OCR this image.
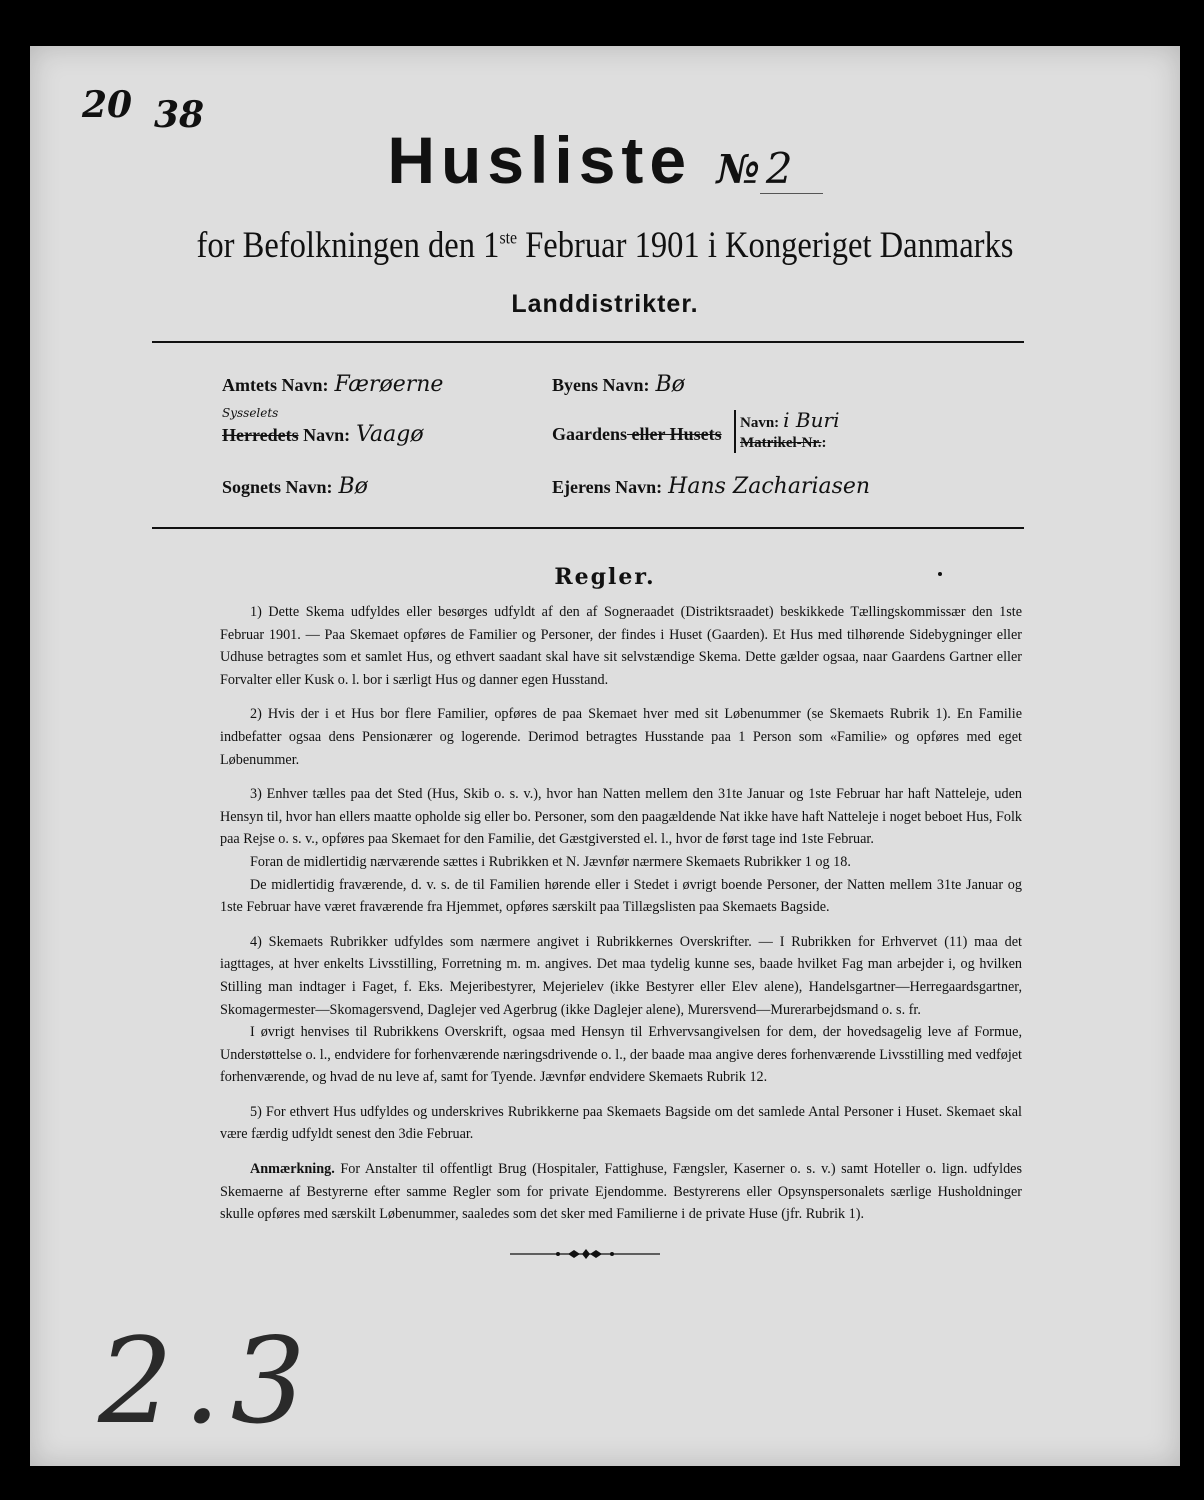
20 38
Husliste № 2
for Befolkningen den 1ste Februar 1901 i Kongeriget Danmarks
Landdistrikter.
Amtets Navn: Færøerne
Sysselets
Herredets Navn: Vaagø
Sognets Navn: Bø
Byens Navn: Bø
Gaardens eller Husets
Navn: i Buri
Matrikel-Nr.:
Ejerens Navn: Hans Zachariasen
Regler.

1) Dette Skema udfyldes eller besørges udfyldt af den af Sogneraadet (Distriktsraadet) beskikkede Tællingskommissær den 1ste Februar 1901. — Paa Skemaet opføres de Familier og Personer, der findes i Huset (Gaarden). Et Hus med tilhørende Sidebygninger eller Udhuse betragtes som et samlet Hus, og ethvert saadant skal have sit selvstændige Skema. Dette gælder ogsaa, naar Gaardens Gartner eller Forvalter eller Kusk o. l. bor i særligt Hus og danner egen Husstand.

2) Hvis der i et Hus bor flere Familier, opføres de paa Skemaet hver med sit Løbenummer (se Skemaets Rubrik 1). En Familie indbefatter ogsaa dens Pensionærer og logerende. Derimod betragtes Husstande paa 1 Person som «Familie» og opføres med eget Løbenummer.

3) Enhver tælles paa det Sted (Hus, Skib o. s. v.), hvor han Natten mellem den 31te Januar og 1ste Februar har haft Natteleje, uden Hensyn til, hvor han ellers maatte opholde sig eller bo. Personer, som den paagældende Nat ikke have haft Natteleje i noget beboet Hus, Folk paa Rejse o. s. v., opføres paa Skemaet for den Familie, det Gæstgiversted el. l., hvor de først tage ind 1ste Februar.

Foran de midlertidig nærværende sættes i Rubrikken et N. Jævnfør nærmere Skemaets Rubrikker 1 og 18.

De midlertidig fraværende, d. v. s. de til Familien hørende eller i Stedet i øvrigt boende Personer, der Natten mellem 31te Januar og 1ste Februar have været fraværende fra Hjemmet, opføres særskilt paa Tillægslisten paa Skemaets Bagside.

4) Skemaets Rubrikker udfyldes som nærmere angivet i Rubrikkernes Overskrifter. — I Rubrikken for Erhvervet (11) maa det iagttages, at hver enkelts Livsstilling, Forretning m. m. angives. Det maa tydelig kunne ses, baade hvilket Fag man arbejder i, og hvilken Stilling man indtager i Faget, f. Eks. Mejeribestyrer, Mejerielev (ikke Bestyrer eller Elev alene), Handelsgartner—Herregaardsgartner, Skomagermester—Skomagersvend, Daglejer ved Agerbrug (ikke Daglejer alene), Murersvend—Murerarbejdsmand o. s. fr.

I øvrigt henvises til Rubrikkens Overskrift, ogsaa med Hensyn til Erhvervsangivelsen for dem, der hovedsagelig leve af Formue, Understøttelse o. l., endvidere for forhenværende næringsdrivende o. l., der baade maa angive deres forhenværende Livsstilling med vedføjet forhenværende, og hvad de nu leve af, samt for Tyende. Jævnfør endvidere Skemaets Rubrik 12.

5) For ethvert Hus udfyldes og underskrives Rubrikkerne paa Skemaets Bagside om det samlede Antal Personer i Huset. Skemaet skal være færdig udfyldt senest den 3die Februar.

Anmærkning. For Anstalter til offentligt Brug (Hospitaler, Fattighuse, Fængsler, Kaserner o. s. v.) samt Hoteller o. lign. udfyldes Skemaerne af Bestyrerne efter samme Regler som for private Ejendomme. Bestyrerens eller Opsynspersonalets særlige Husholdninger skulle opføres med særskilt Løbenummer, saaledes som det sker med Familierne i de private Huse (jfr. Rubrik 1).

2.3
